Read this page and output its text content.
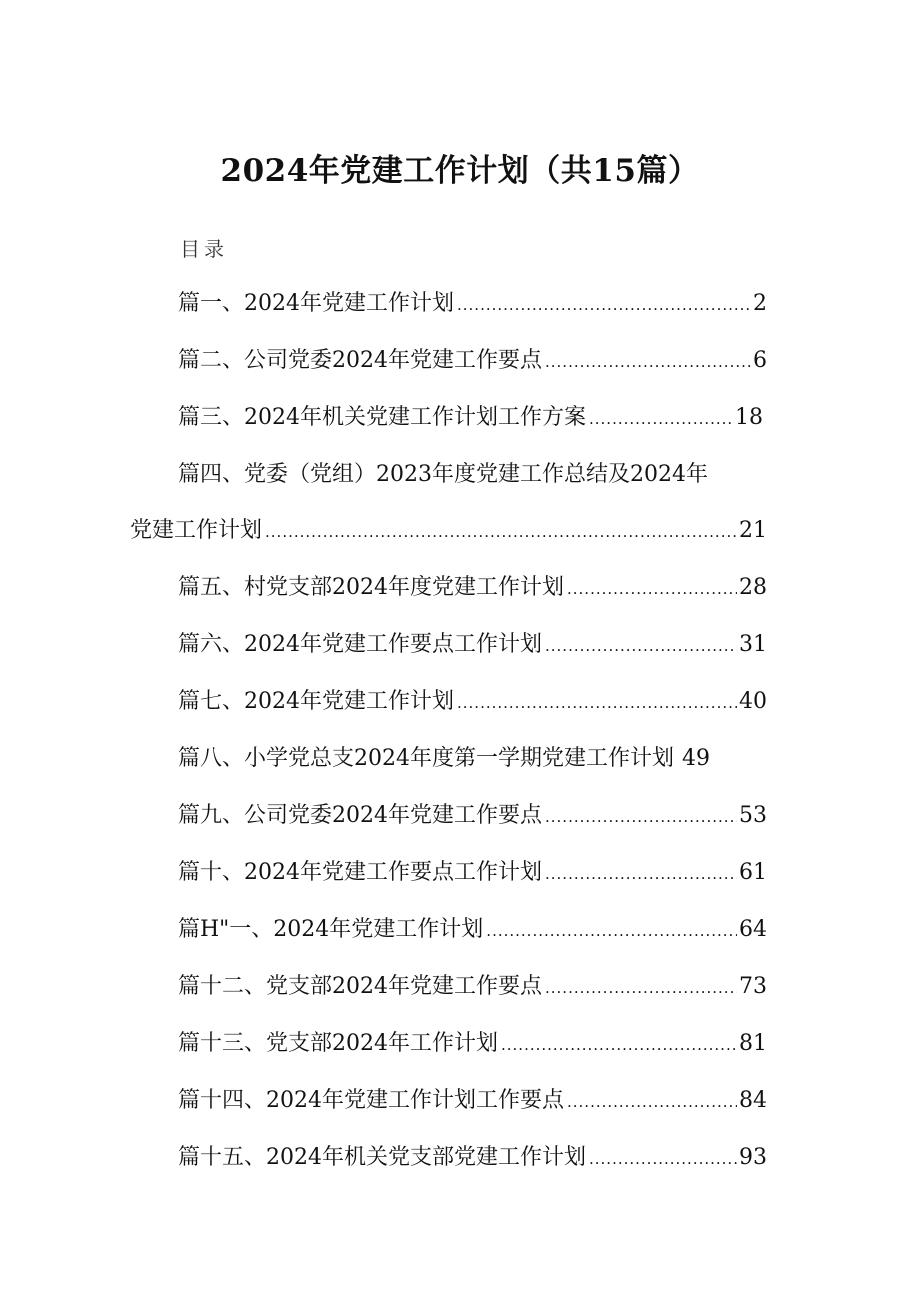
2024年党建工作计划（共15篇）
目录
篇一、2024年党建工作计划 .....	2
篇二、公司党委2024年党建工作要点 .....	6
篇三、2024年机关党建工作计划工作方案 .....	18
篇四、党委（党组）2023年度党建工作总结及2024年
党建工作计划 .....	21
篇五、村党支部2024年度党建工作计划 .....	28
篇六、2024年党建工作要点工作计划 .....	31
篇七、2024年党建工作计划 .....	40
篇八、小学党总支2024年度第一学期党建工作计划 49
篇九、公司党委2024年党建工作要点 .....	53
篇十、2024年党建工作要点工作计划 .....	61
篇H"一、2024年党建工作计划 .....	64
篇十二、党支部2024年党建工作要点 .....	73
篇十三、党支部2024年工作计划 .....	81
篇十四、2024年党建工作计划工作要点 .....	84
篇十五、2024年机关党支部党建工作计划 .....	93
